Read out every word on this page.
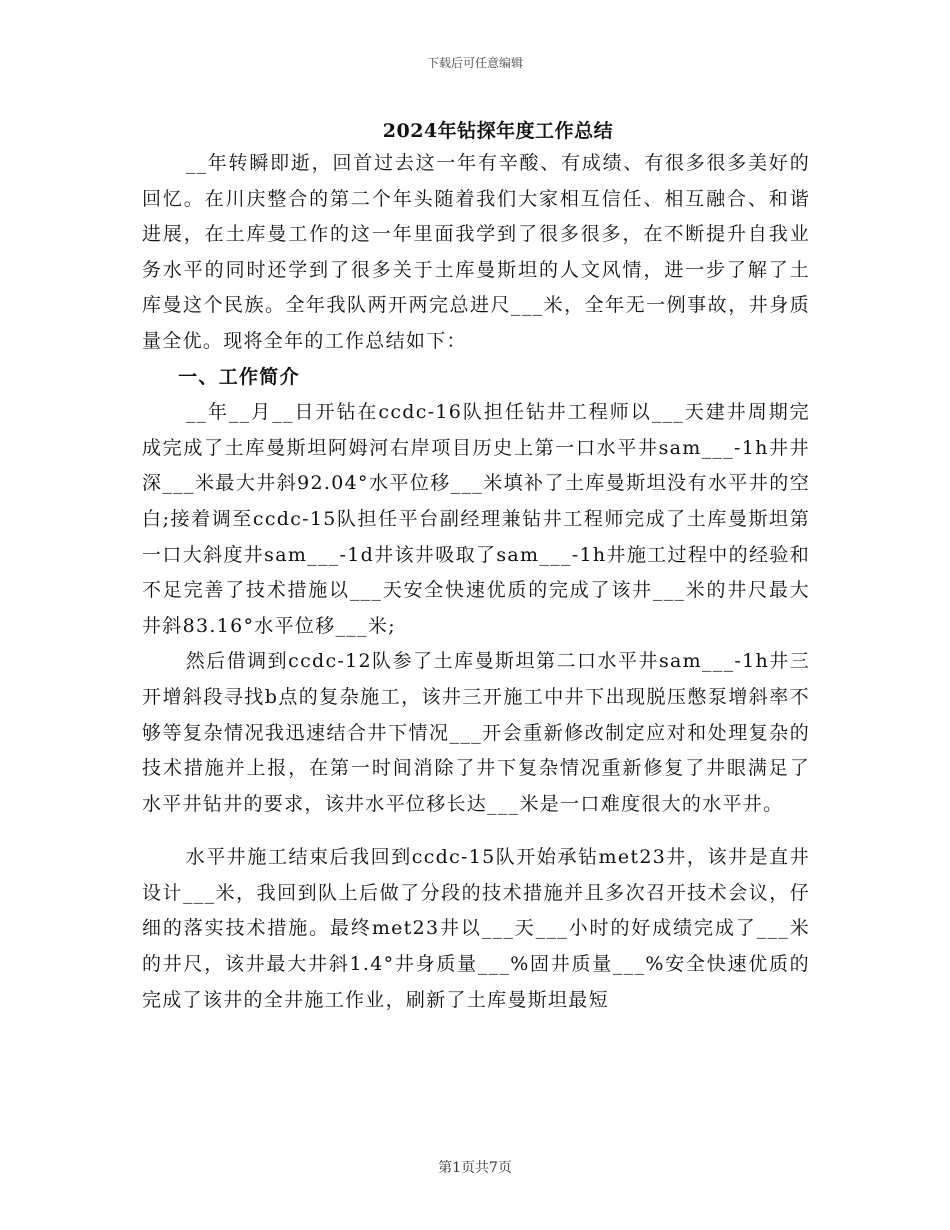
下载后可任意编辑
2024年钻探年度工作总结

__年转瞬即逝，回首过去这一年有辛酸、有成绩、有很多很多美好的回忆。在川庆整合的第二个年头随着我们大家相互信任、相互融合、和谐进展，在土库曼工作的这一年里面我学到了很多很多，在不断提升自我业务水平的同时还学到了很多关于土库曼斯坦的人文风情，进一步了解了土库曼这个民族。全年我队两开两完总进尺___米，全年无一例事故，井身质量全优。现将全年的工作总结如下：

一、工作简介

__年__月__日开钻在ccdc-16队担任钻井工程师以___天建井周期完成完成了土库曼斯坦阿姆河右岸项目历史上第一口水平井sam___-1h井井深___米最大井斜92.04°水平位移___米填补了土库曼斯坦没有水平井的空白;接着调至ccdc-15队担任平台副经理兼钻井工程师完成了土库曼斯坦第一口大斜度井sam___-1d井该井吸取了sam___-1h井施工过程中的经验和不足完善了技术措施以___天安全快速优质的完成了该井___米的井尺最大井斜83.16°水平位移___米;

然后借调到ccdc-12队参了土库曼斯坦第二口水平井sam___-1h井三开增斜段寻找b点的复杂施工，该井三开施工中井下出现脱压憋泵增斜率不够等复杂情况我迅速结合井下情况___开会重新修改制定应对和处理复杂的技术措施并上报，在第一时间消除了井下复杂情况重新修复了井眼满足了水平井钻井的要求，该井水平位移长达___米是一口难度很大的水平井。

水平井施工结束后我回到ccdc-15队开始承钻met23井，该井是直井设计___米，我回到队上后做了分段的技术措施并且多次召开技术会议，仔细的落实技术措施。最终met23井以___天___小时的好成绩完成了___米的井尺，该井最大井斜1.4°井身质量___%固井质量___%安全快速优质的完成了该井的全井施工作业，刷新了土库曼斯坦最短

第1页共7页
